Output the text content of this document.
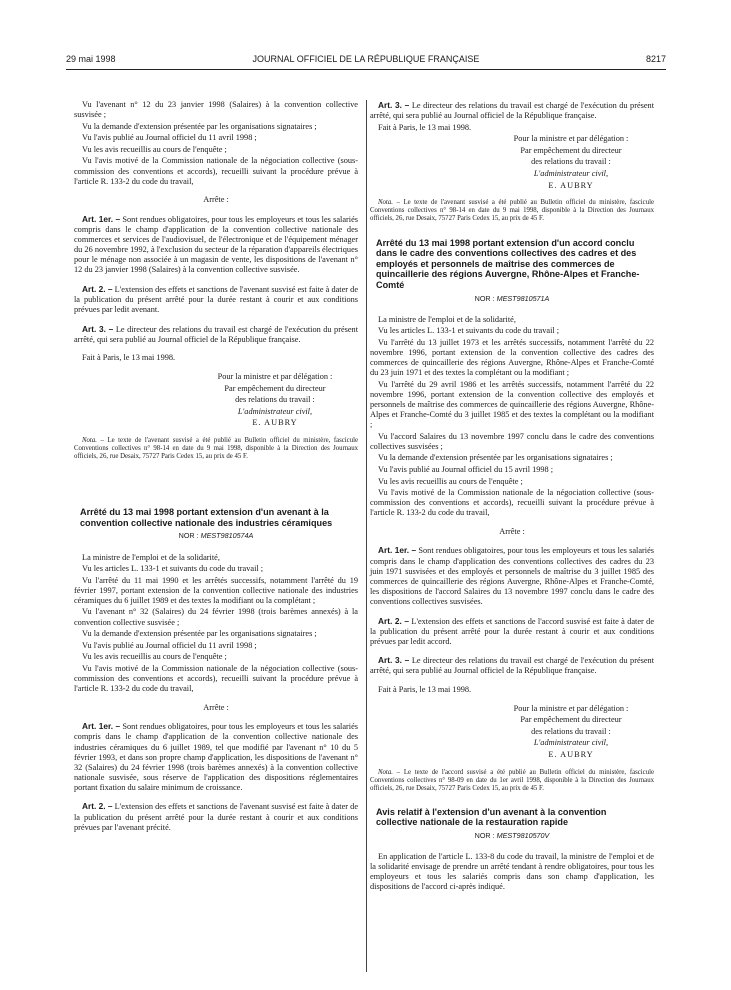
29 mai 1998	JOURNAL OFFICIEL DE LA RÉPUBLIQUE FRANÇAISE	8217

Vu l'avenant n° 12 du 23 janvier 1998 (Salaires) à la convention collective susvisée ;

Vu la demande d'extension présentée par les organisations signataires ;

Vu l'avis publié au Journal officiel du 11 avril 1998 ;

Vu les avis recueillis au cours de l'enquête ;

Vu l'avis motivé de la Commission nationale de la négociation collective (sous-commission des conventions et accords), recueilli suivant la procédure prévue à l'article R. 133-2 du code du travail,

Arrête :

Art. 1er. – Sont rendues obligatoires, pour tous les employeurs et tous les salariés compris dans le champ d'application de la convention collective nationale des commerces et services de l'audiovisuel, de l'électronique et de l'équipement ménager du 26 novembre 1992, à l'exclusion du secteur de la réparation d'appareils électriques pour le ménage non associée à un magasin de vente, les dispositions de l'avenant n° 12 du 23 janvier 1998 (Salaires) à la convention collective susvisée.

Art. 2. – L'extension des effets et sanctions de l'avenant susvisé est faite à dater de la publication du présent arrêté pour la durée restant à courir et aux conditions prévues par ledit avenant.

Art. 3. – Le directeur des relations du travail est chargé de l'exécution du présent arrêté, qui sera publié au Journal officiel de la République française.

Fait à Paris, le 13 mai 1998.

Pour la ministre et par délégation :

Par empêchement du directeur

des relations du travail :

L'administrateur civil,

E. AUBRY

Nota. – Le texte de l'avenant susvisé a été publié au Bulletin officiel du ministère, fascicule Conventions collectives n° 98-14 en date du 9 mai 1998, disponible à la Direction des Journaux officiels, 26, rue Desaix, 75727 Paris Cedex 15, au prix de 45 F.

Arrêté du 13 mai 1998 portant extension d'un avenant à la convention collective nationale des industries céramiques

NOR : MEST9810574A

La ministre de l'emploi et de la solidarité,

Vu les articles L. 133-1 et suivants du code du travail ;

Vu l'arrêté du 11 mai 1990 et les arrêtés successifs, notamment l'arrêté du 19 février 1997, portant extension de la convention collective nationale des industries céramiques du 6 juillet 1989 et des textes la modifiant ou la complétant ;

Vu l'avenant n° 32 (Salaires) du 24 février 1998 (trois barèmes annexés) à la convention collective susvisée ;

Vu la demande d'extension présentée par les organisations signataires ;

Vu l'avis publié au Journal officiel du 11 avril 1998 ;

Vu les avis recueillis au cours de l'enquête ;

Vu l'avis motivé de la Commission nationale de la négociation collective (sous-commission des conventions et accords), recueilli suivant la procédure prévue à l'article R. 133-2 du code du travail,

Arrête :

Art. 1er. – Sont rendues obligatoires, pour tous les employeurs et tous les salariés compris dans le champ d'application de la convention collective nationale des industries céramiques du 6 juillet 1989, tel que modifié par l'avenant n° 10 du 5 février 1993, et dans son propre champ d'application, les dispositions de l'avenant n° 32 (Salaires) du 24 février 1998 (trois barèmes annexés) à la convention collective nationale susvisée, sous réserve de l'application des dispositions réglementaires portant fixation du salaire minimum de croissance.

Art. 2. – L'extension des effets et sanctions de l'avenant susvisé est faite à dater de la publication du présent arrêté pour la durée restant à courir et aux conditions prévues par l'avenant précité.

Art. 3. – Le directeur des relations du travail est chargé de l'exécution du présent arrêté, qui sera publié au Journal officiel de la République française.

Fait à Paris, le 13 mai 1998.

Pour la ministre et par délégation :

Par empêchement du directeur

des relations du travail :

L'administrateur civil,

E. AUBRY

Nota. – Le texte de l'avenant susvisé a été publié au Bulletin officiel du ministère, fascicule Conventions collectives n° 98-14 en date du 9 mai 1998, disponible à la Direction des Journaux officiels, 26, rue Desaix, 75727 Paris Cedex 15, au prix de 45 F.

Arrêté du 13 mai 1998 portant extension d'un accord conclu dans le cadre des conventions collectives des cadres et des employés et personnels de maîtrise des commerces de quincaillerie des régions Auvergne, Rhône-Alpes et Franche-Comté

NOR : MEST9810571A

La ministre de l'emploi et de la solidarité,

Vu les articles L. 133-1 et suivants du code du travail ;

Vu l'arrêté du 13 juillet 1973 et les arrêtés successifs, notamment l'arrêté du 22 novembre 1996, portant extension de la convention collective des cadres des commerces de quincaillerie des régions Auvergne, Rhône-Alpes et Franche-Comté du 23 juin 1971 et des textes la complétant ou la modifiant ;

Vu l'arrêté du 29 avril 1986 et les arrêtés successifs, notamment l'arrêté du 22 novembre 1996, portant extension de la convention collective des employés et personnels de maîtrise des commerces de quincaillerie des régions Auvergne, Rhône-Alpes et Franche-Comté du 3 juillet 1985 et des textes la complétant ou la modifiant ;

Vu l'accord Salaires du 13 novembre 1997 conclu dans le cadre des conventions collectives susvisées ;

Vu la demande d'extension présentée par les organisations signataires ;

Vu l'avis publié au Journal officiel du 15 avril 1998 ;

Vu les avis recueillis au cours de l'enquête ;

Vu l'avis motivé de la Commission nationale de la négociation collective (sous-commission des conventions et accords), recueilli suivant la procédure prévue à l'article R. 133-2 du code du travail,

Arrête :

Art. 1er. – Sont rendues obligatoires, pour tous les employeurs et tous les salariés compris dans le champ d'application des conventions collectives des cadres du 23 juin 1971 susvisées et des employés et personnels de maîtrise du 3 juillet 1985 des commerces de quincaillerie des régions Auvergne, Rhône-Alpes et Franche-Comté, les dispositions de l'accord Salaires du 13 novembre 1997 conclu dans le cadre des conventions collectives susvisées.

Art. 2. – L'extension des effets et sanctions de l'accord susvisé est faite à dater de la publication du présent arrêté pour la durée restant à courir et aux conditions prévues par ledit accord.

Art. 3. – Le directeur des relations du travail est chargé de l'exécution du présent arrêté, qui sera publié au Journal officiel de la République française.

Fait à Paris, le 13 mai 1998.

Pour la ministre et par délégation :

Par empêchement du directeur

des relations du travail :

L'administrateur civil,

E. AUBRY

Nota. – Le texte de l'accord susvisé a été publié au Bulletin officiel du ministère, fascicule Conventions collectives n° 98-09 en date du 1er avril 1998, disponible à la Direction des Journaux officiels, 26, rue Desaix, 75727 Paris Cedex 15, au prix de 45 F.

Avis relatif à l'extension d'un avenant à la convention collective nationale de la restauration rapide

NOR : MEST9810570V

En application de l'article L. 133-8 du code du travail, la ministre de l'emploi et de la solidarité envisage de prendre un arrêté tendant à rendre obligatoires, pour tous les employeurs et tous les salariés compris dans son champ d'application, les dispositions de l'accord ci-après indiqué.
